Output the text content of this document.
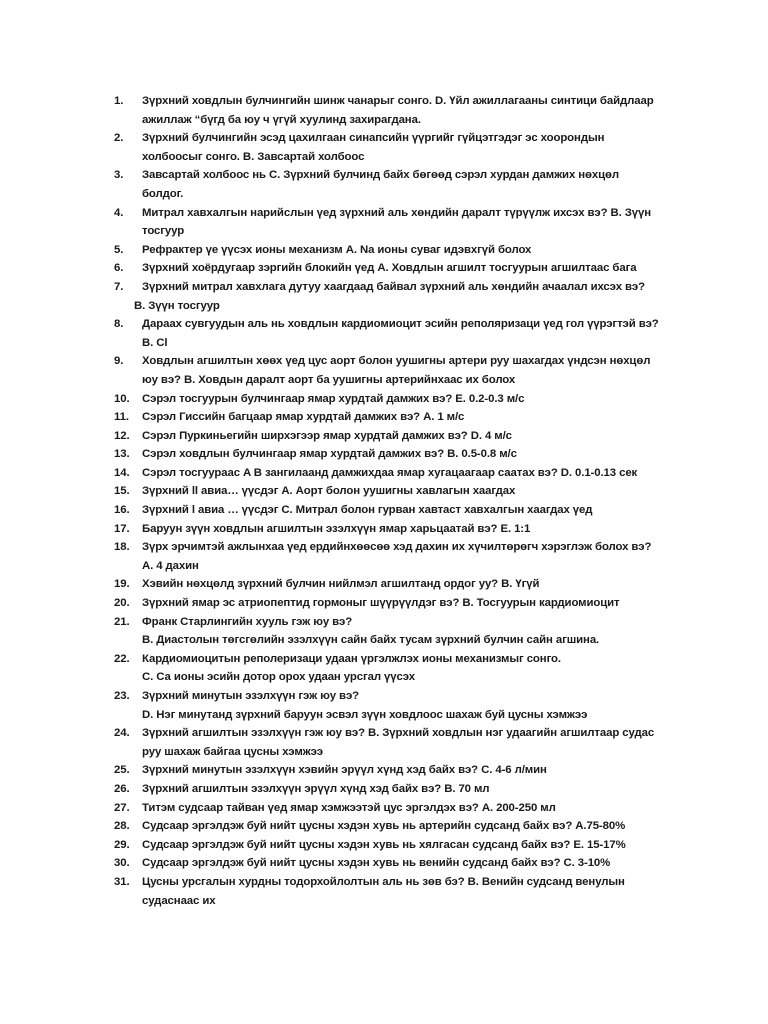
1.	Зүрхний ховдлын булчингийн шинж чанарыг сонго. D. Үйл ажиллагааны синтици байдлаар
ажиллаж “бүгд ба юу ч үгүй хуулинд захирагдана.
2.	Зүрхний булчингийн эсэд цахилгаан синапсийн үүргийг гүйцэтгэдэг эс хоорондын
холбоосыг сонго. В. Завсартай холбоос
3.	Завсартай холбоос нь С. Зүрхний булчинд байх бөгөөд сэрэл хурдан дамжих нөхцөл
болдог.
4.	Митрал хавхалгын нарийслын үед зүрхний аль хөндийн даралт түрүүлж ихсэх вэ? В. Зүүн
тосгуур
5.	Рефрактер үе үүсэх ионы механизм A. Na ионы суваг идэвхгүй болох
6.	Зүрхний хоёрдугаар зэргийн блокийн үед A. Ховдлын агшилт тосгуурын агшилтаас бага
7.	Зүрхний митрал хавхлага дутуу хаагдаад байвал зүрхний аль хөндийн ачаалал ихсэх вэ?
В. Зүүн тосгуур
8.	Дараах сувгуудын аль нь ховдлын кардиомиоцит эсийн реполяризаци үед гол үүрэгтэй вэ?
В. Cl
9.	Ховдлын агшилтын хөөх үед цус аорт болон уушигны артери руу шахагдах үндсэн нөхцөл
юу вэ? В. Ховдын даралт аорт ба уушигны артерийнхаас их болох
10.	Сэрэл тосгуурын булчингаар ямар хурдтай дамжих вэ? E. 0.2-0.3 м/с
11.	Сэрэл Гиссийн багцаар ямар хурдтай дамжих вэ? A. 1 м/с
12.	Сэрэл Пуркиньегийн ширхэгээр ямар хурдтай дамжих вэ? D. 4 м/с
13.	Сэрэл ховдлын булчингаар ямар хурдтай дамжих вэ? В. 0.5-0.8 м/с
14.	Сэрэл тосгуураас A В зангилаанд дамжихдаа ямар хугацаагаар саатах вэ? D. 0.1-0.13 сек
15.	Зүрхний ll авиа… үүсдэг A. Аорт болон уушигны хавлагын хаагдах
16.	Зүрхний l авиа … үүсдэг С. Митрал болон гурван хавтаст хавхалгын хаагдах үед
17.	Баруун зүүн ховдлын агшилтын эзэлхүүн ямар харьцаатай вэ? E. 1:1
18.	Зүрх эрчимтэй ажлынхаа үед ердийнхөөсөө хэд дахин их хүчилтөрөгч хэрэглэж болох вэ?
A. 4 дахин
19.	Хэвийн нөхцөлд зүрхний булчин нийлмэл агшилтанд ордог уу? В. Үгүй
20.	Зүрхний ямар эс атриопептид гормоныг шүүрүүлдэг вэ? В. Тосгуурын кардиомиоцит
21.	Франк Старлингийн хууль гэж юу вэ?
В. Диастолын төгсгөлийн эзэлхүүн сайн байх тусам зүрхний булчин сайн агшина.
22.	Кардиомиоцитын реполеризаци удаан үргэлжлэх ионы механизмыг сонго.
С. Са ионы эсийн дотор орох удаан урсгал үүсэх
23.	Зүрхний минутын эзэлхүүн гэж юу вэ?
D. Нэг минутанд зүрхний баруун эсвэл зүүн ховдлоос шахаж буй цусны хэмжээ
24.	Зүрхний агшилтын эзэлхүүн гэж юу вэ? В. Зүрхний ховдлын нэг удаагийн агшилтаар судас
руу шахаж байгаа цусны хэмжээ
25.	Зүрхний минутын эзэлхүүн хэвийн эрүүл хүнд хэд байх вэ? С. 4-6 л/мин
26.	Зүрхний агшилтын эзэлхүүн эрүүл хүнд хэд байх вэ? В. 70 мл
27.	Титэм судсаар тайван үед ямар хэмжээтэй цус эргэлдэх вэ? A. 200-250 мл
28.	Судсаар эргэлдэж буй нийт цусны хэдэн хувь нь артерийн судсанд байх вэ? A.75-80%
29.	Судсаар эргэлдэж буй нийт цусны хэдэн хувь нь хялгасан судсанд байх вэ? E. 15-17%
30.	Судсаар эргэлдэж буй нийт цусны хэдэн хувь нь венийн судсанд байх вэ? С. 3-10%
31.	Цусны урсгалын хурдны тодорхойлолтын аль нь зөв бэ? В. Венийн судсанд венулын
судаснаас их
